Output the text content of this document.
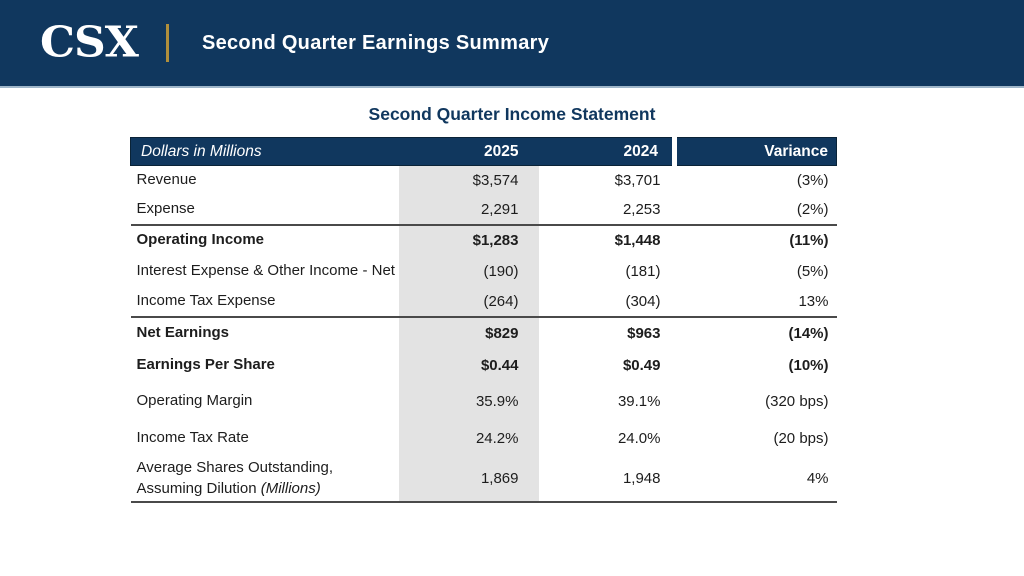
CSX	Second Quarter Earnings Summary
Second Quarter Income Statement
Dollars in Millions	2025	2024	Variance
Revenue	$3,574	$3,701	(3%)
Expense	2,291	2,253	(2%)
Operating Income	$1,283	$1,448	(11%)
Interest Expense & Other Income - Net	(190)	(181)	(5%)
Income Tax Expense	(264)	(304)	13%
Net Earnings	$829	$963	(14%)
Earnings Per Share	$0.44	$0.49	(10%)
Operating Margin	35.9%	39.1%	(320 bps)
Income Tax Rate	24.2%	24.0%	(20 bps)
Average Shares Outstanding,
Assuming Dilution (Millions)	1,869	1,948	4%
